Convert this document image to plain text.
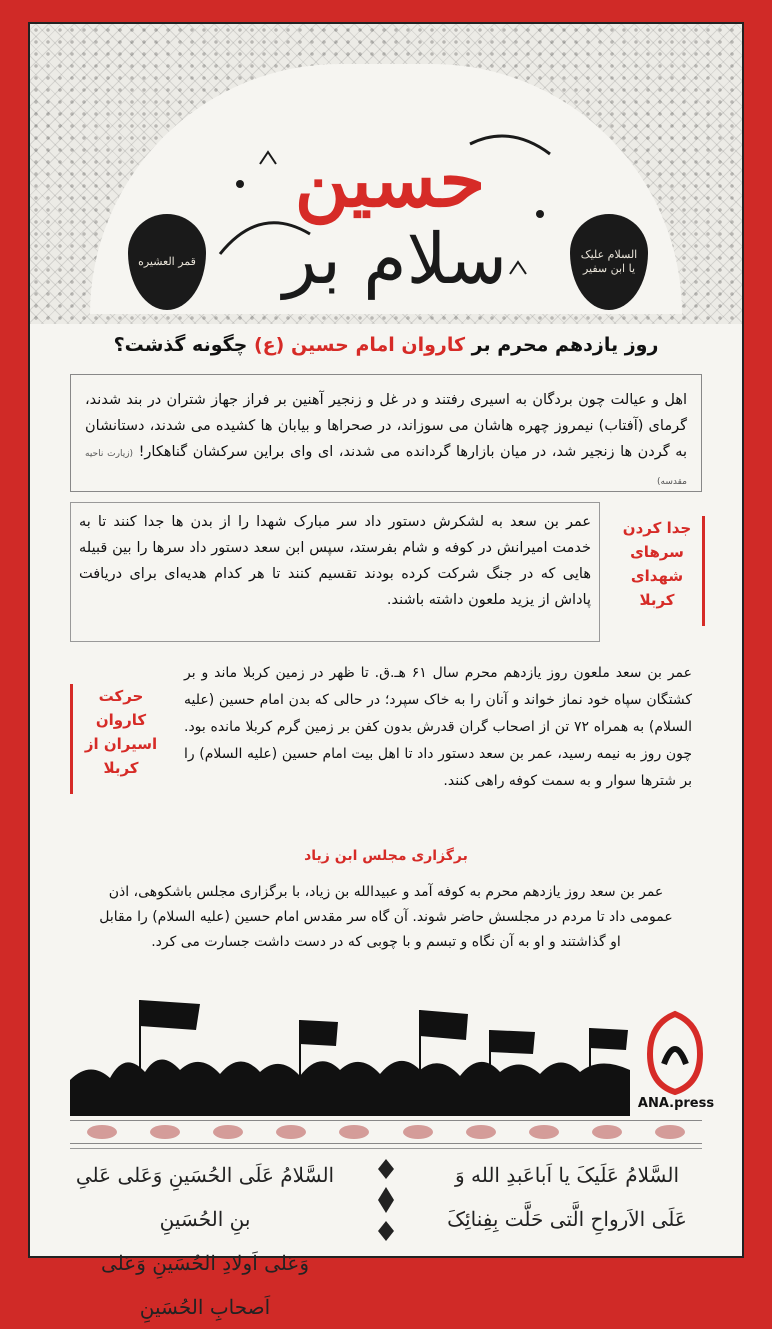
قمر العشیره
السلام علیک یا ابن سفیر
حسین
سلام بر
روز یازدهم محرم بر کاروان امام حسین (ع) چگونه گذشت؟
اهل و عیالت چون بردگان به اسیری رفتند و در غل و زنجیر آهنین بر فراز جهاز شتران در بند شدند، گرمای (آفتاب) نیمروز چهره هاشان می سوزاند، در صحراها و بیابان ها کشیده می شدند، دستانشان به گردن ها زنجیر شد، در میان بازارها گردانده می شدند، ای وای براین سرکشان گناهکار! (زیارت ناحیه مقدسه)
عمر بن سعد به لشکرش دستور داد سر مبارک شهدا را از بدن ها جدا کنند تا به خدمت امیرانش در کوفه و شام بفرستد، سپس ابن سعد دستور داد سرها را بین قبیله هایی که در جنگ شرکت کرده بودند تقسیم کنند تا هر کدام هدیه‌ای برای دریافت پاداش از یزید ملعون داشته باشند.
جدا کردن سرهای شهدای کربلا
حرکت کاروان اسیران از کربلا
عمر بن سعد ملعون روز یازدهم محرم سال ۶۱ هـ.ق. تا ظهر در زمین کربلا ماند و بر کشتگان سپاه خود نماز خواند و آنان را به خاک سپرد؛ در حالی که بدن امام حسین (علیه السلام) به همراه ۷۲ تن از اصحاب گران قدرش بدون کفن بر زمین گرم کربلا مانده بود. چون روز به نیمه رسید، عمر بن سعد دستور داد تا اهل بیت امام حسین (علیه السلام) را بر شترها سوار و به سمت کوفه راهی کنند.
برگزاری مجلس ابن زیاد
عمر بن سعد روز یازدهم محرم به کوفه آمد و عبیدالله بن زیاد، با برگزاری مجلس باشکوهی، اذن عمومی داد تا مردم در مجلسش حاضر شوند. آن گاه سر مقدس امام حسین (علیه السلام) را مقابل او گذاشتند و او به آن نگاه و تبسم و با چوبی که در دست داشت جسارت می کرد.
ANA.press
السَّلامُ عَلَیکَ یا اَباعَبدِ الله وَ
عَلَی الاَرواحِ الَّتی حَلَّت بِفِنائِکَ
السَّلامُ عَلَی الحُسَینِ وَعَلی عَلیِ بنِ الحُسَینِ
وَعَلی اَولادِ الحُسَینِ وَعَلی اَصحابِ الحُسَینِ
